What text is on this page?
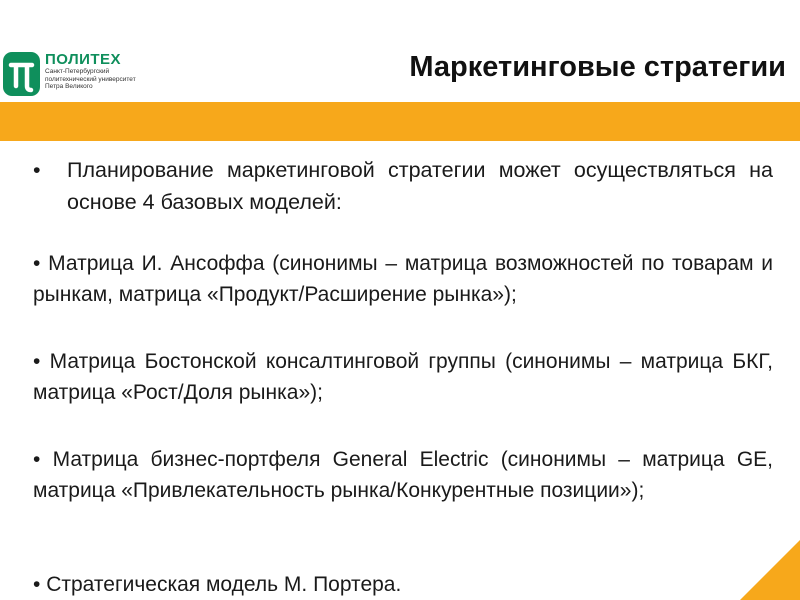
ПОЛИТЕХ
Санкт-Петербургский
политехнический университет
Петра Великого
Маркетинговые стратегии
•	Планирование маркетинговой стратегии может осуществляться на основе 4 базовых моделей:
• Матрица И. Ансоффа (синонимы – матрица возможностей по товарам и рынкам, матрица «Продукт/Расширение рынка»);
• Матрица Бостонской консалтинговой группы (синонимы – матрица БКГ, матрица «Рост/Доля рынка»);
• Матрица бизнес-портфеля General Electric (синонимы – матрица GE, матрица «Привлекательность рынка/Конкурентные позиции»);
• Стратегическая модель М. Портера.
